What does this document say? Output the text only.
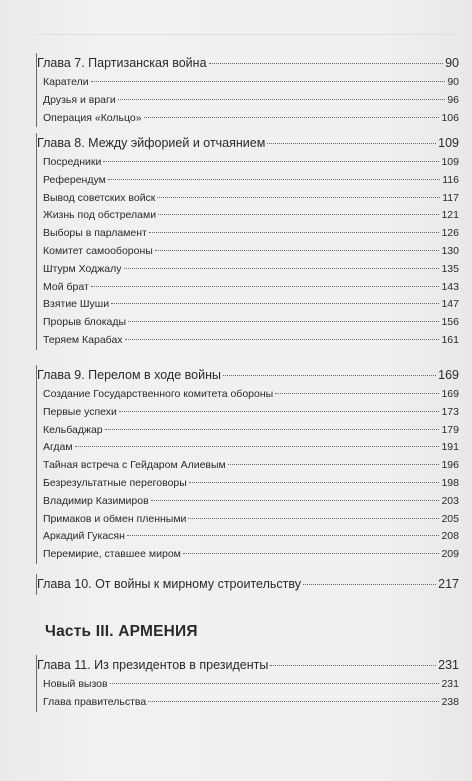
Глава 7. Партизанская война	90
Каратели	90
Друзья и враги	96
Операция «Кольцо»	106
Глава 8. Между эйфорией и отчаянием	109
Посредники	109
Референдум	116
Вывод советских войск	117
Жизнь под обстрелами	121
Выборы в парламент	126
Комитет самообороны	130
Штурм Ходжалу	135
Мой брат	143
Взятие Шуши	147
Прорыв блокады	156
Теряем Карабах	161
Глава 9. Перелом в ходе войны	169
Создание Государственного комитета обороны	169
Первые успехи	173
Кельбаджар	179
Агдам	191
Тайная встреча с Гейдаром Алиевым	196
Безрезультатные переговоры	198
Владимир Казимиров	203
Примаков и обмен пленными	205
Аркадий Гукасян	208
Перемирие, ставшее миром	209
Глава 10. От войны к мирному строительству	217
Часть III. АРМЕНИЯ
Глава 11. Из президентов в президенты	231
Новый вызов	231
Глава правительства	238
